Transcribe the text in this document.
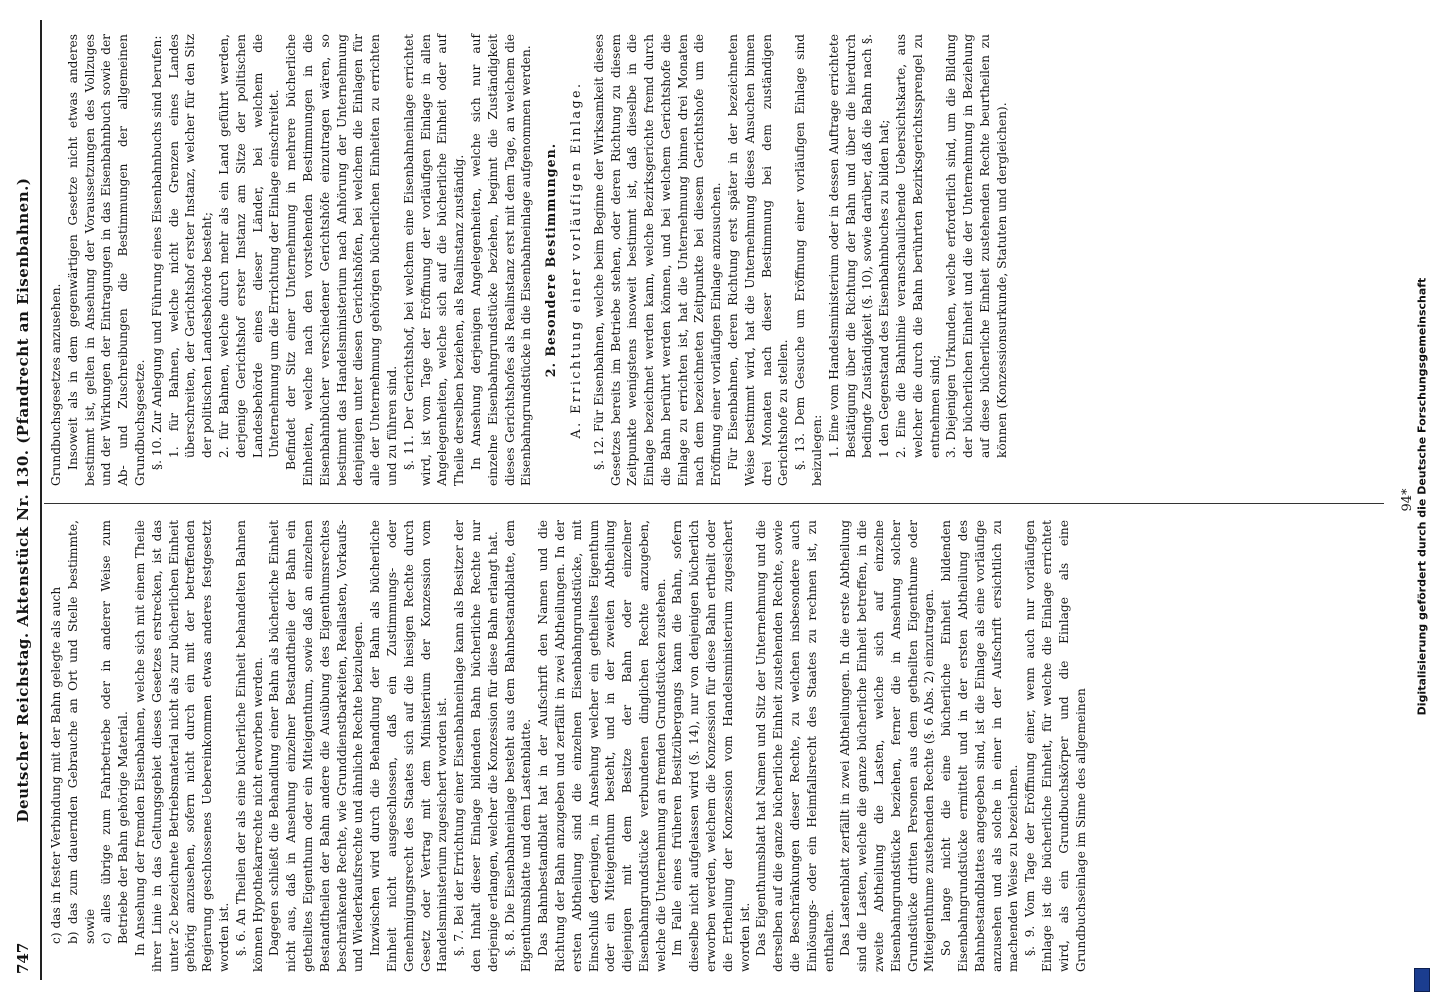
747
Deutscher Reichstag. Aktenstück Nr. 130. (Pfandrecht an Eisenbahnen.) c) das in fester Verbindung mit der Bahn gelegte als auch b) das zum dauernden Gebrauche an Ort und Stelle bestimmte, sowie c) alles übrige zum Fahrbetriebe oder in anderer Weise zum Betriebe der Bahn gehörige Material. In Ansehung der fremden Eisenbahnen, welche sich mit einem Theile ihrer Linie in das Geltungsgebiet dieses Gesetzes erstrecken, ist das unter 2c bezeichnete Betriebsmaterial nicht als zur bücherlichen Einheit gehörig anzusehen, sofern nicht durch ein mit der betreffenden Regierung geschlossenes Uebereinkommen etwas anderes festgesetzt worden ist. §. 6. An Theilen der als eine bücherliche Einheit behandelten Bahnen können Hypothekarrechte nicht erworben werden. Dagegen schließt die Behandlung einer Bahn als bücherliche Einheit nicht aus, daß in Ansehung einzelner Bestandtheile der Bahn ein getheiltes Eigenthum oder ein Miteigenthum, sowie daß an einzelnen Bestandtheilen der Bahn andere die Ausübung des Eigenthumsrechtes beschränkende Rechte, wie Grunddienstbarkeiten, Reallasten, Vorkaufs- und Wiederkaufsrechte und ähnliche Rechte beizulegen. Inzwischen wird durch die Behandlung der Bahn als bücherliche Einheit nicht ausgeschlossen, daß ein Zustimmungs- oder Genehmigungsrecht des Staates sich auf die hiesigen Rechte durch Gesetz oder Vertrag mit dem Ministerium der Konzession vom Handelsministerium zugesichert worden ist. §. 7. Bei der Errichtung einer Eisenbahneinlage kann als Besitzer der den Inhalt dieser Einlage bildenden Bahn bücherliche Rechte nur derjenige erlangen, welcher die Konzession für diese Bahn erlangt hat. §. 8. Die Eisenbahneinlage besteht aus dem Bahnbestandblatte, dem Eigenthumsblatte und dem Lastenblatte. Das Bahnbestandblatt hat in der Aufschrift den Namen und die Richtung der Bahn anzugeben und zerfällt in zwei Abtheilungen. In der ersten Abtheilung sind die einzelnen Eisenbahngrundstücke, mit Einschluß derjenigen, in Ansehung welcher ein getheiltes Eigenthum oder ein Miteigenthum besteht, und in der zweiten Abtheilung diejenigen mit dem Besitze der Bahn oder einzelner Eisenbahngrundstücke verbundenen dinglichen Rechte anzugeben, welche die Unternehmung an fremden Grundstücken zustehen. Im Falle eines früheren Besitzübergangs kann die Bahn, sofern dieselbe nicht aufgelassen wird (§. 14), nur von denjenigen bücherlich erworben werden, welchem die Konzession für diese Bahn ertheilt oder die Ertheilung der Konzession vom Handelsministerium zugesichert worden ist. Das Eigenthumsblatt hat Namen und Sitz der Unternehmung und die derselben auf die ganze bücherliche Einheit zustehenden Rechte, sowie die Beschränkungen dieser Rechte, zu welchen insbesondere auch Einlösungs- oder ein Heimfallsrecht des Staates zu rechnen ist, zu enthalten. Das Lastenblatt zerfällt in zwei Abtheilungen. In die erste Abtheilung sind die Lasten, welche die ganze bücherliche Einheit betreffen, in die zweite Abtheilung die Lasten, welche sich auf einzelne Eisenbahngrundstücke beziehen, ferner die in Ansehung solcher Grundstücke dritten Personen aus dem getheilten Eigenthume oder Miteigenthume zustehenden Rechte (§. 6 Abs. 2) einzutragen. So lange nicht die eine bücherliche Einheit bildenden Eisenbahngrundstücke ermittelt und in der ersten Abtheilung des Bahnbestandblattes angegeben sind, ist die Einlage als eine vorläufige anzusehen und als solche in einer in der Aufschrift ersichtlich zu machenden Weise zu bezeichnen. §. 9. Vom Tage der Eröffnung einer, wenn auch nur vorläufigen Einlage ist die bücherliche Einheit, für welche die Einlage errichtet wird, als ein Grundbuchskörper und die Einlage als eine Grundbuchseinlage im Sinne des allgemeinen

Grundbuchsgesetzes anzusehen. Insoweit als in dem gegenwärtigen Gesetze nicht etwas anderes bestimmt ist, gelten in Ansehung der Voraussetzungen des Vollzuges und der Wirkungen der Eintragungen in das Eisenbahnbuch sowie der Ab- und Zuschreibungen die Bestimmungen der allgemeinen Grundbuchsgesetze. §. 10. Zur Anlegung und Führung eines Eisenbahnbuchs sind berufen: 1. für Bahnen, welche nicht die Grenzen eines Landes überschreiten, der Gerichtshof erster Instanz, welcher für den Sitz der politischen Landesbehörde besteht; 2. für Bahnen, welche durch mehr als ein Land geführt werden, derjenige Gerichtshof erster Instanz am Sitze der politischen Landesbehörde eines dieser Länder, bei welchem die Unternehmung um die Errichtung der Einlage einschreitet. Befindet der Sitz einer Unternehmung in mehrere bücherliche Einheiten, welche nach den vorstehenden Bestimmungen in die Eisenbahnbücher verschiedener Gerichtshöfe einzutragen wären, so bestimmt das Handelsministerium nach Anhörung der Unternehmung denjenigen unter diesen Gerichtshöfen, bei welchem die Einlagen für alle der Unternehmung gehörigen bücherlichen Einheiten zu errichten und zu führen sind. §. 11. Der Gerichtshof, bei welchem eine Eisenbahneinlage errichtet wird, ist vom Tage der Eröffnung der vorläufigen Einlage in allen Angelegenheiten, welche sich auf die bücherliche Einheit oder auf Theile derselben beziehen, als Realinstanz zuständig. In Ansehung derjenigen Angelegenheiten, welche sich nur auf einzelne Eisenbahngrundstücke beziehen, beginnt die Zuständigkeit dieses Gerichtshofes als Realinstanz erst mit dem Tage, an welchem die Eisenbahngrundstücke in die Eisenbahneinlage aufgenommen werden. 2. Besondere Bestimmungen. A. Errichtung einer vorläufigen Einlage. §. 12. Für Eisenbahnen, welche beim Beginne der Wirksamkeit dieses Gesetzes bereits im Betriebe stehen, oder deren Richtung zu diesem Zeitpunkte wenigstens insoweit bestimmt ist, daß dieselbe in die Einlage bezeichnet werden kann, welche Bezirksgerichte fremd durch die Bahn berührt werden können, und bei welchem Gerichtshofe die Einlage zu errichten ist, hat die Unternehmung binnen drei Monaten nach dem bezeichneten Zeitpunkte bei diesem Gerichtshofe um die Eröffnung einer vorläufigen Einlage anzusuchen. Für Eisenbahnen, deren Richtung erst später in der bezeichneten Weise bestimmt wird, hat die Unternehmung dieses Ansuchen binnen drei Monaten nach dieser Bestimmung bei dem zuständigen Gerichtshofe zu stellen. §. 13. Dem Gesuche um Eröffnung einer vorläufigen Einlage sind beizulegen: 1. Eine vom Handelsministerium oder in dessen Auftrage errichtete Bestätigung über die Richtung der Bahn und über die hierdurch bedingte Zuständigkeit (§. 10), sowie darüber, daß die Bahn nach §. 1 den Gegenstand des Eisenbahnbuches zu bilden hat; 2. Eine die Bahnlinie veranschaulichende Uebersichtskarte, aus welcher die durch die Bahn berührten Bezirksgerichtssprengel zu entnehmen sind; 3. Diejenigen Urkunden, welche erforderlich sind, um die Bildung der bücherlichen Einheit und die der Unternehmung in Beziehung auf diese bücherliche Einheit zustehenden Rechte beurtheilen zu können (Konzessionsurkunde, Statuten und dergleichen).

94* Digitalisierung gefördert durch die Deutsche Forschungsgemeinschaft
